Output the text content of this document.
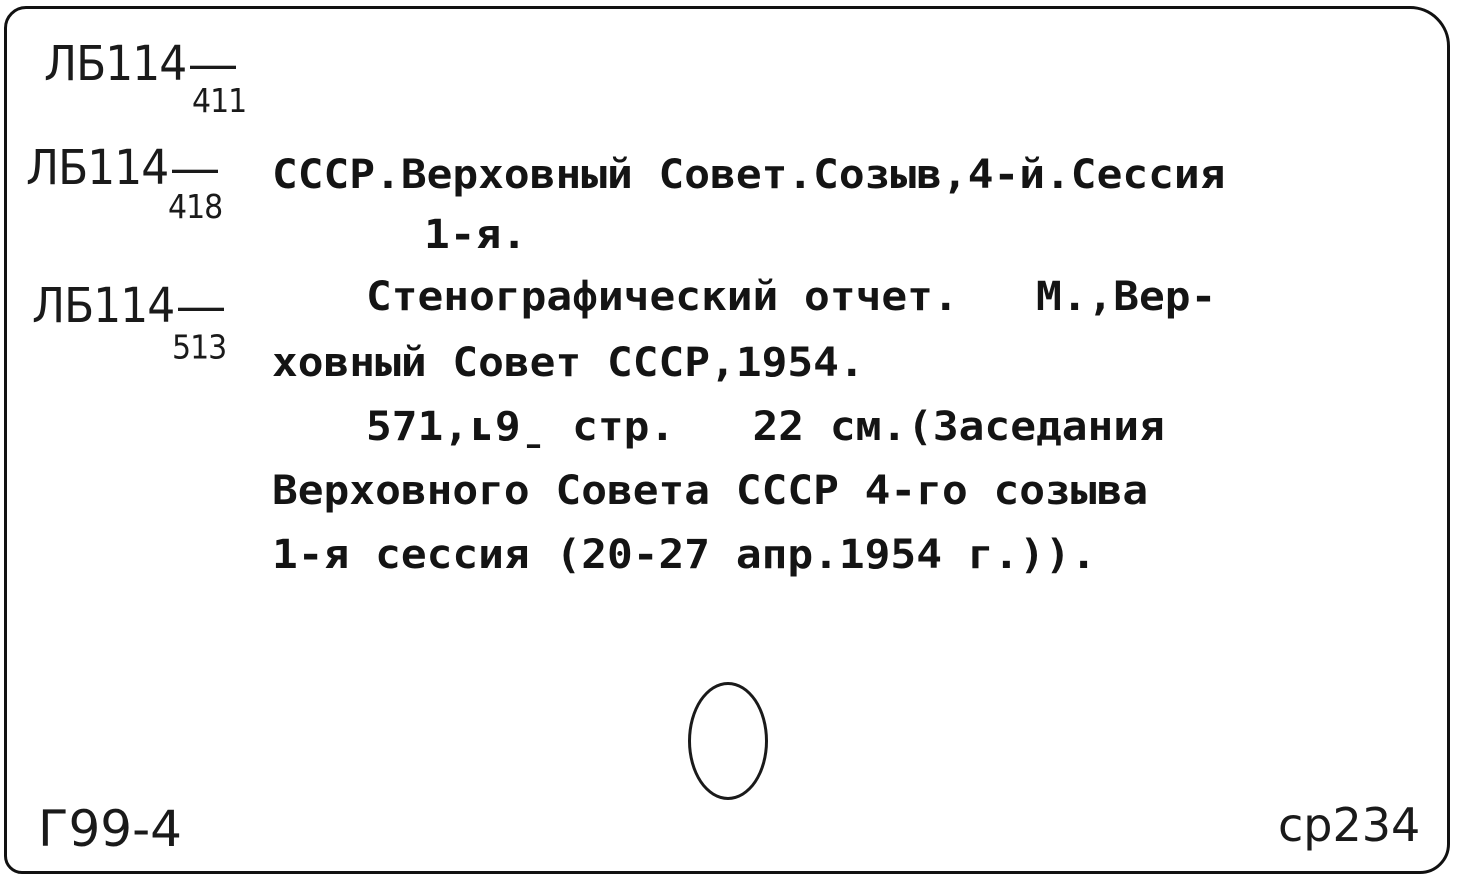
ЛБ114
411
ЛБ114
418
ЛБ114
513
СССР.Верховный Совет.Созыв,4-й.Сессия
1-я.
Стенографический отчет.   М.,Вер-
ховный Совет СССР,1954.
571,ʟ9ˍ стр.   22 см.(Заседания
Верховного Совета СССР 4-го созыва
1-я сессия (20-27 апр.1954 г.)).
Г99-4	ср234
